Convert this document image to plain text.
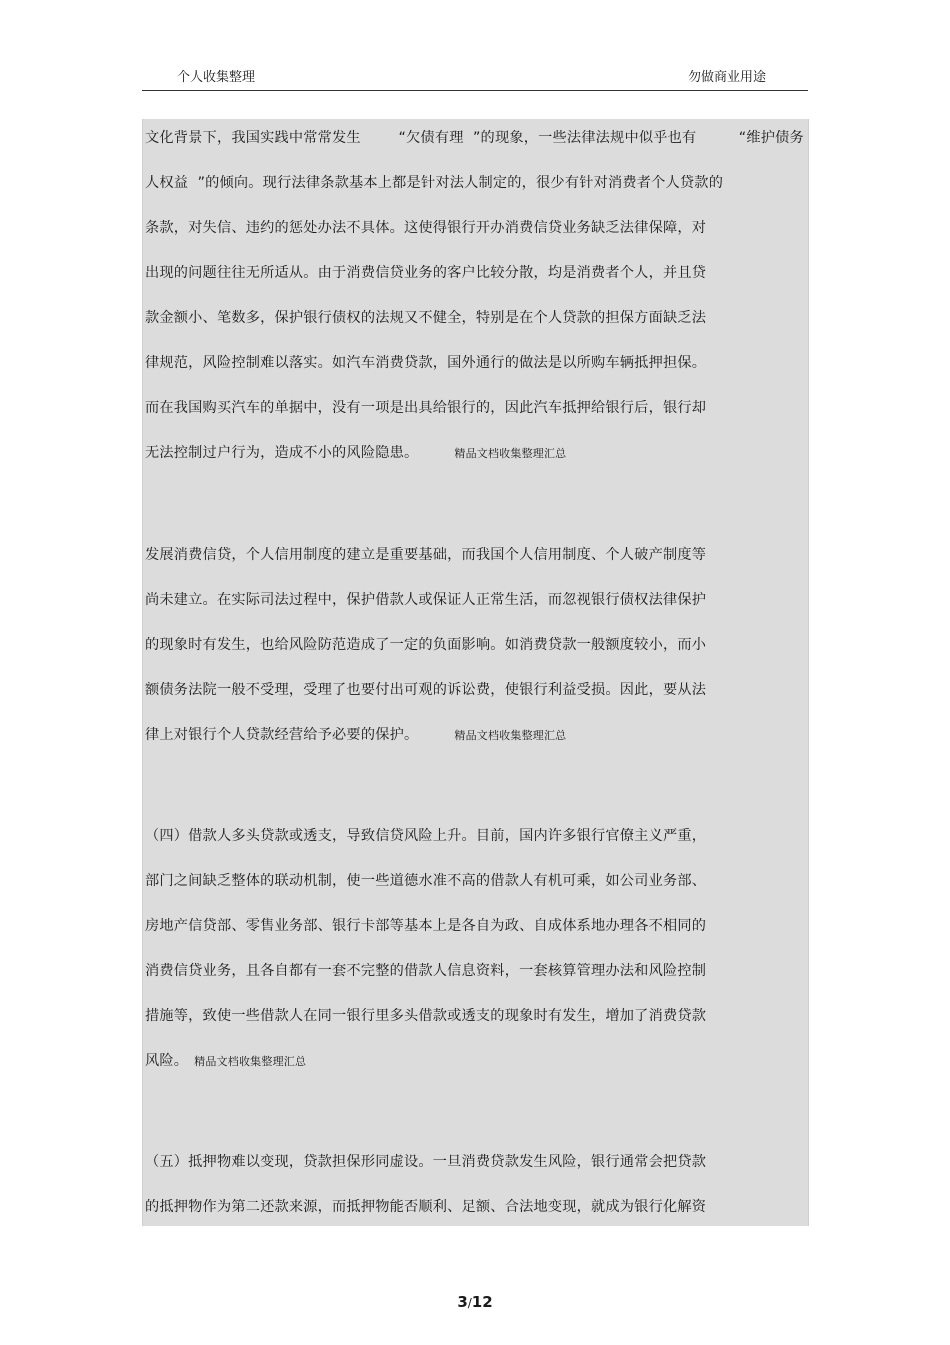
个人收集整理	勿做商业用途
文化背景下，我国实践中常常发生        “欠债有理  ”的现象，一些法律法规中似乎也有         “维护债务
人权益  ”的倾向。现行法律条款基本上都是针对法人制定的，很少有针对消费者个人贷款的
条款，对失信、违约的惩处办法不具体。这使得银行开办消费信贷业务缺乏法律保障，对
出现的问题往往无所适从。由于消费信贷业务的客户比较分散，均是消费者个人，并且贷
款金额小、笔数多，保护银行债权的法规又不健全，特别是在个人贷款的担保方面缺乏法
律规范，风险控制难以落实。如汽车消费贷款，国外通行的做法是以所购车辆抵押担保。
而在我国购买汽车的单据中，没有一项是出具给银行的，因此汽车抵押给银行后，银行却
无法控制过户行为，造成不小的风险隐患。	精品文档收集整理汇总
发展消费信贷，个人信用制度的建立是重要基础，而我国个人信用制度、个人破产制度等
尚未建立。在实际司法过程中，保护借款人或保证人正常生活，而忽视银行债权法律保护
的现象时有发生，也给风险防范造成了一定的负面影响。如消费贷款一般额度较小，而小
额债务法院一般不受理，受理了也要付出可观的诉讼费，使银行利益受损。因此，要从法
律上对银行个人贷款经营给予必要的保护。	精品文档收集整理汇总
（四）借款人多头贷款或透支，导致信贷风险上升。目前，国内许多银行官僚主义严重，
部门之间缺乏整体的联动机制，使一些道德水准不高的借款人有机可乘，如公司业务部、
房地产信贷部、零售业务部、银行卡部等基本上是各自为政、自成体系地办理各不相同的
消费信贷业务，且各自都有一套不完整的借款人信息资料，一套核算管理办法和风险控制
措施等，致使一些借款人在同一银行里多头借款或透支的现象时有发生，增加了消费贷款
风险。 精品文档收集整理汇总
（五）抵押物难以变现，贷款担保形同虚设。一旦消费贷款发生风险，银行通常会把贷款
的抵押物作为第二还款来源，而抵押物能否顺利、足额、合法地变现，就成为银行化解资
3/12
